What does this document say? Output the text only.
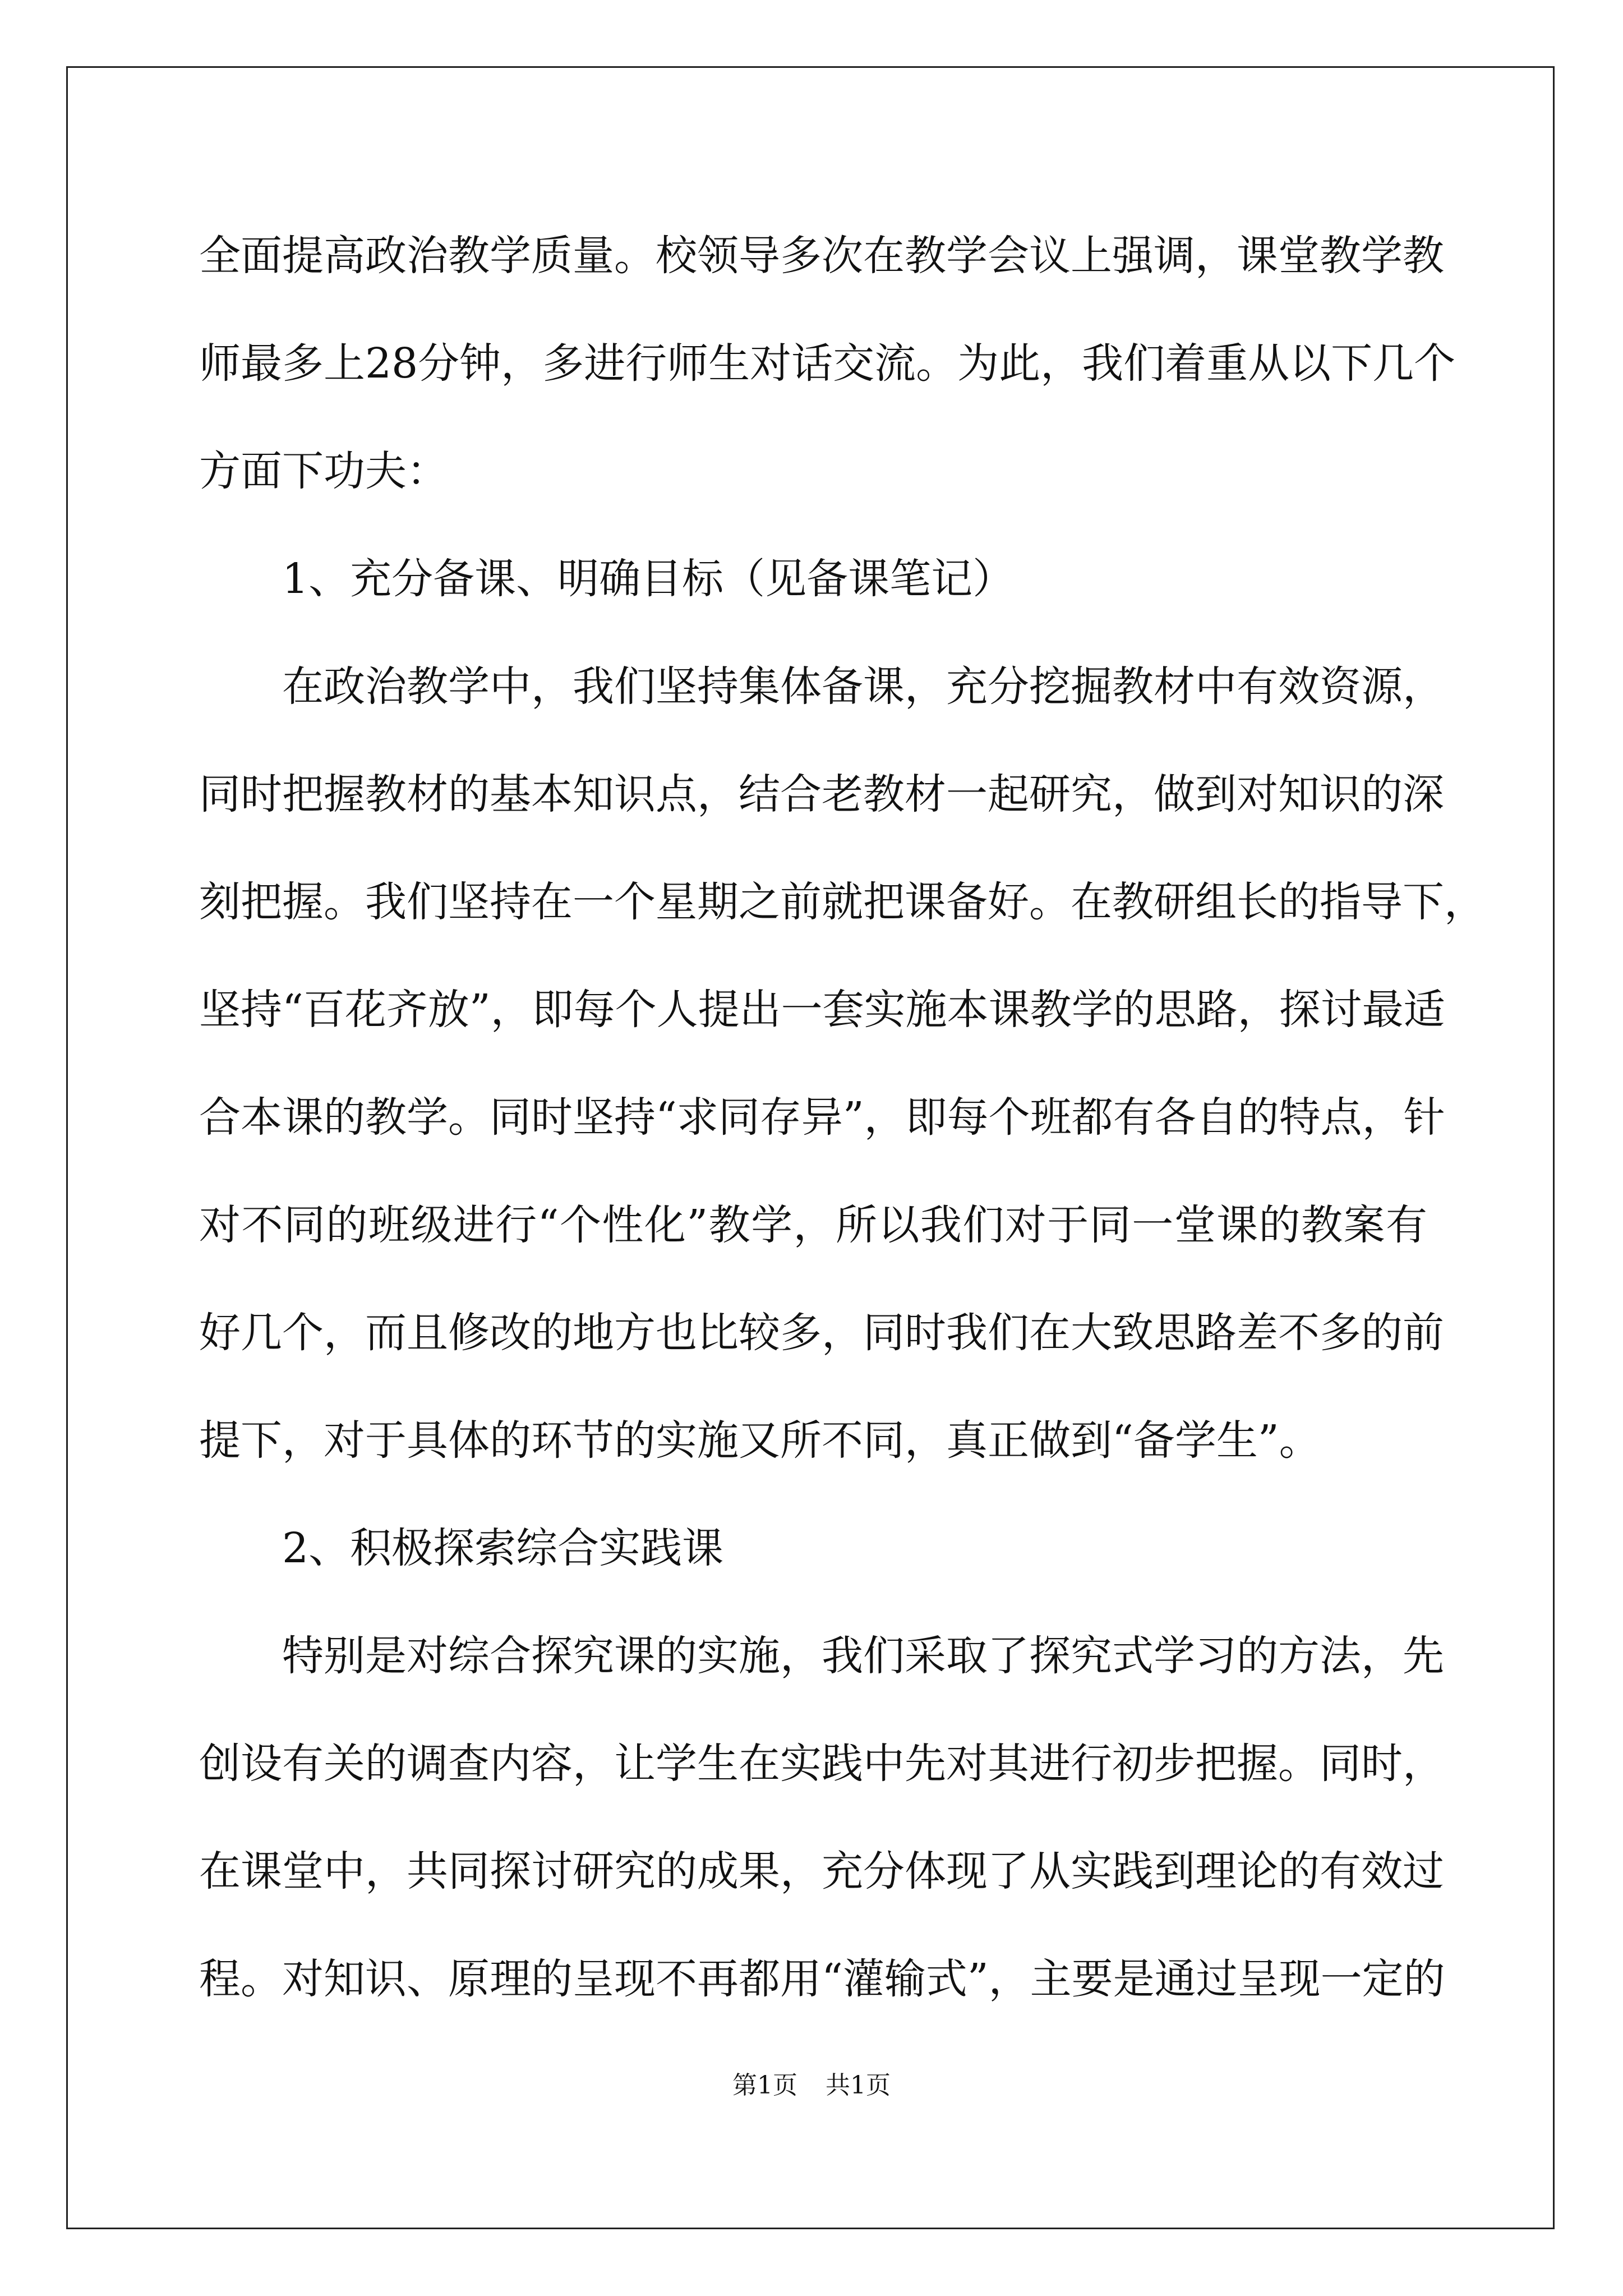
全面提高政治教学质量。校领导多次在教学会议上强调，课堂教学教
师最多上28分钟，多进行师生对话交流。为此，我们着重从以下几个
方面下功夫：
1、充分备课、明确目标（见备课笔记）
在政治教学中，我们坚持集体备课，充分挖掘教材中有效资源，
同时把握教材的基本知识点，结合老教材一起研究，做到对知识的深
刻把握。我们坚持在一个星期之前就把课备好。在教研组长的指导下，
坚持“百花齐放”，即每个人提出一套实施本课教学的思路，探讨最适
合本课的教学。同时坚持“求同存异”，即每个班都有各自的特点，针
对不同的班级进行“个性化”教学，所以我们对于同一堂课的教案有
好几个，而且修改的地方也比较多，同时我们在大致思路差不多的前
提下，对于具体的环节的实施又所不同，真正做到“备学生”。
2、积极探索综合实践课
特别是对综合探究课的实施，我们采取了探究式学习的方法，先
创设有关的调查内容，让学生在实践中先对其进行初步把握。同时，
在课堂中，共同探讨研究的成果，充分体现了从实践到理论的有效过
程。对知识、原理的呈现不再都用“灌输式”，主要是通过呈现一定的
第1页 共1页
